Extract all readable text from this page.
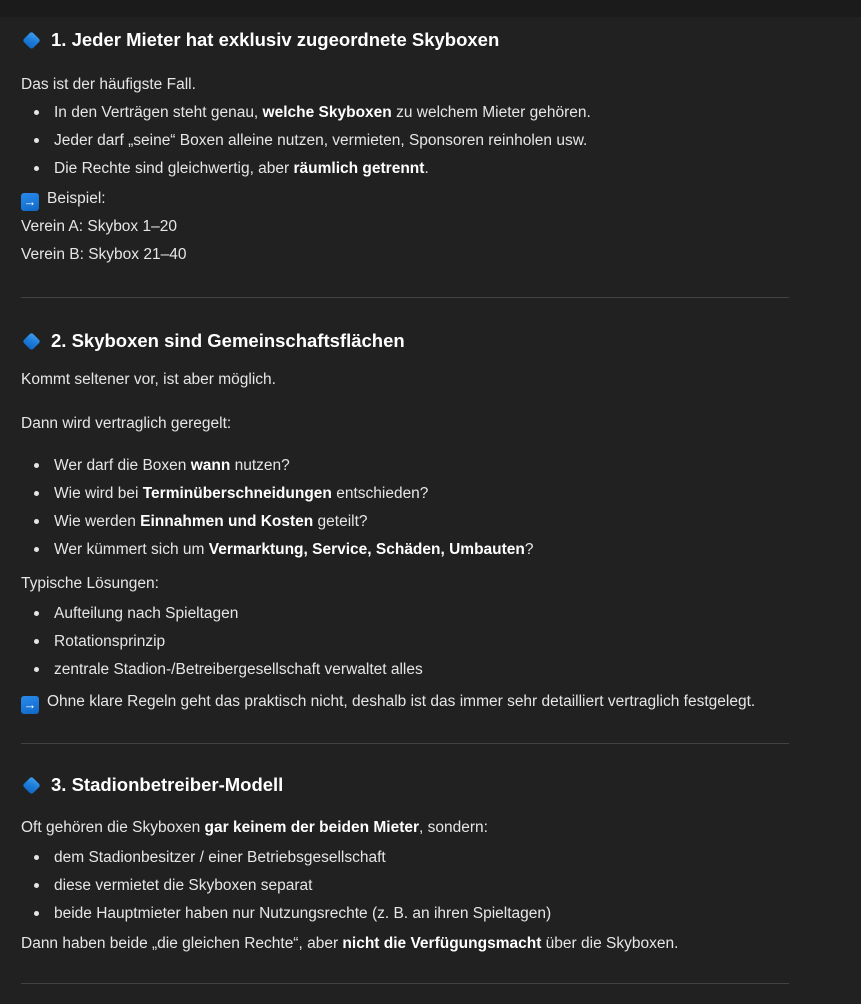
1. Jeder Mieter hat exklusiv zugeordnete Skyboxen

Das ist der häufigste Fall.

In den Verträgen steht genau, welche Skyboxen zu welchem Mieter gehören.
Jeder darf „seine“ Boxen alleine nutzen, vermieten, Sponsoren reinholen usw.
Die Rechte sind gleichwertig, aber räumlich getrennt.

→ Beispiel:

Verein A: Skybox 1–20

Verein B: Skybox 21–40

2. Skyboxen sind Gemeinschaftsflächen

Kommt seltener vor, ist aber möglich.

Dann wird vertraglich geregelt:

Wer darf die Boxen wann nutzen?
Wie wird bei Terminüberschneidungen entschieden?
Wie werden Einnahmen und Kosten geteilt?
Wer kümmert sich um Vermarktung, Service, Schäden, Umbauten?

Typische Lösungen:

Aufteilung nach Spieltagen
Rotationsprinzip
zentrale Stadion-/Betreibergesellschaft verwaltet alles

→ Ohne klare Regeln geht das praktisch nicht, deshalb ist das immer sehr detailliert vertraglich festgelegt.

3. Stadionbetreiber-Modell

Oft gehören die Skyboxen gar keinem der beiden Mieter, sondern:

dem Stadionbesitzer / einer Betriebsgesellschaft
diese vermietet die Skyboxen separat
beide Hauptmieter haben nur Nutzungsrechte (z. B. an ihren Spieltagen)

Dann haben beide „die gleichen Rechte“, aber nicht die Verfügungsmacht über die Skyboxen.
